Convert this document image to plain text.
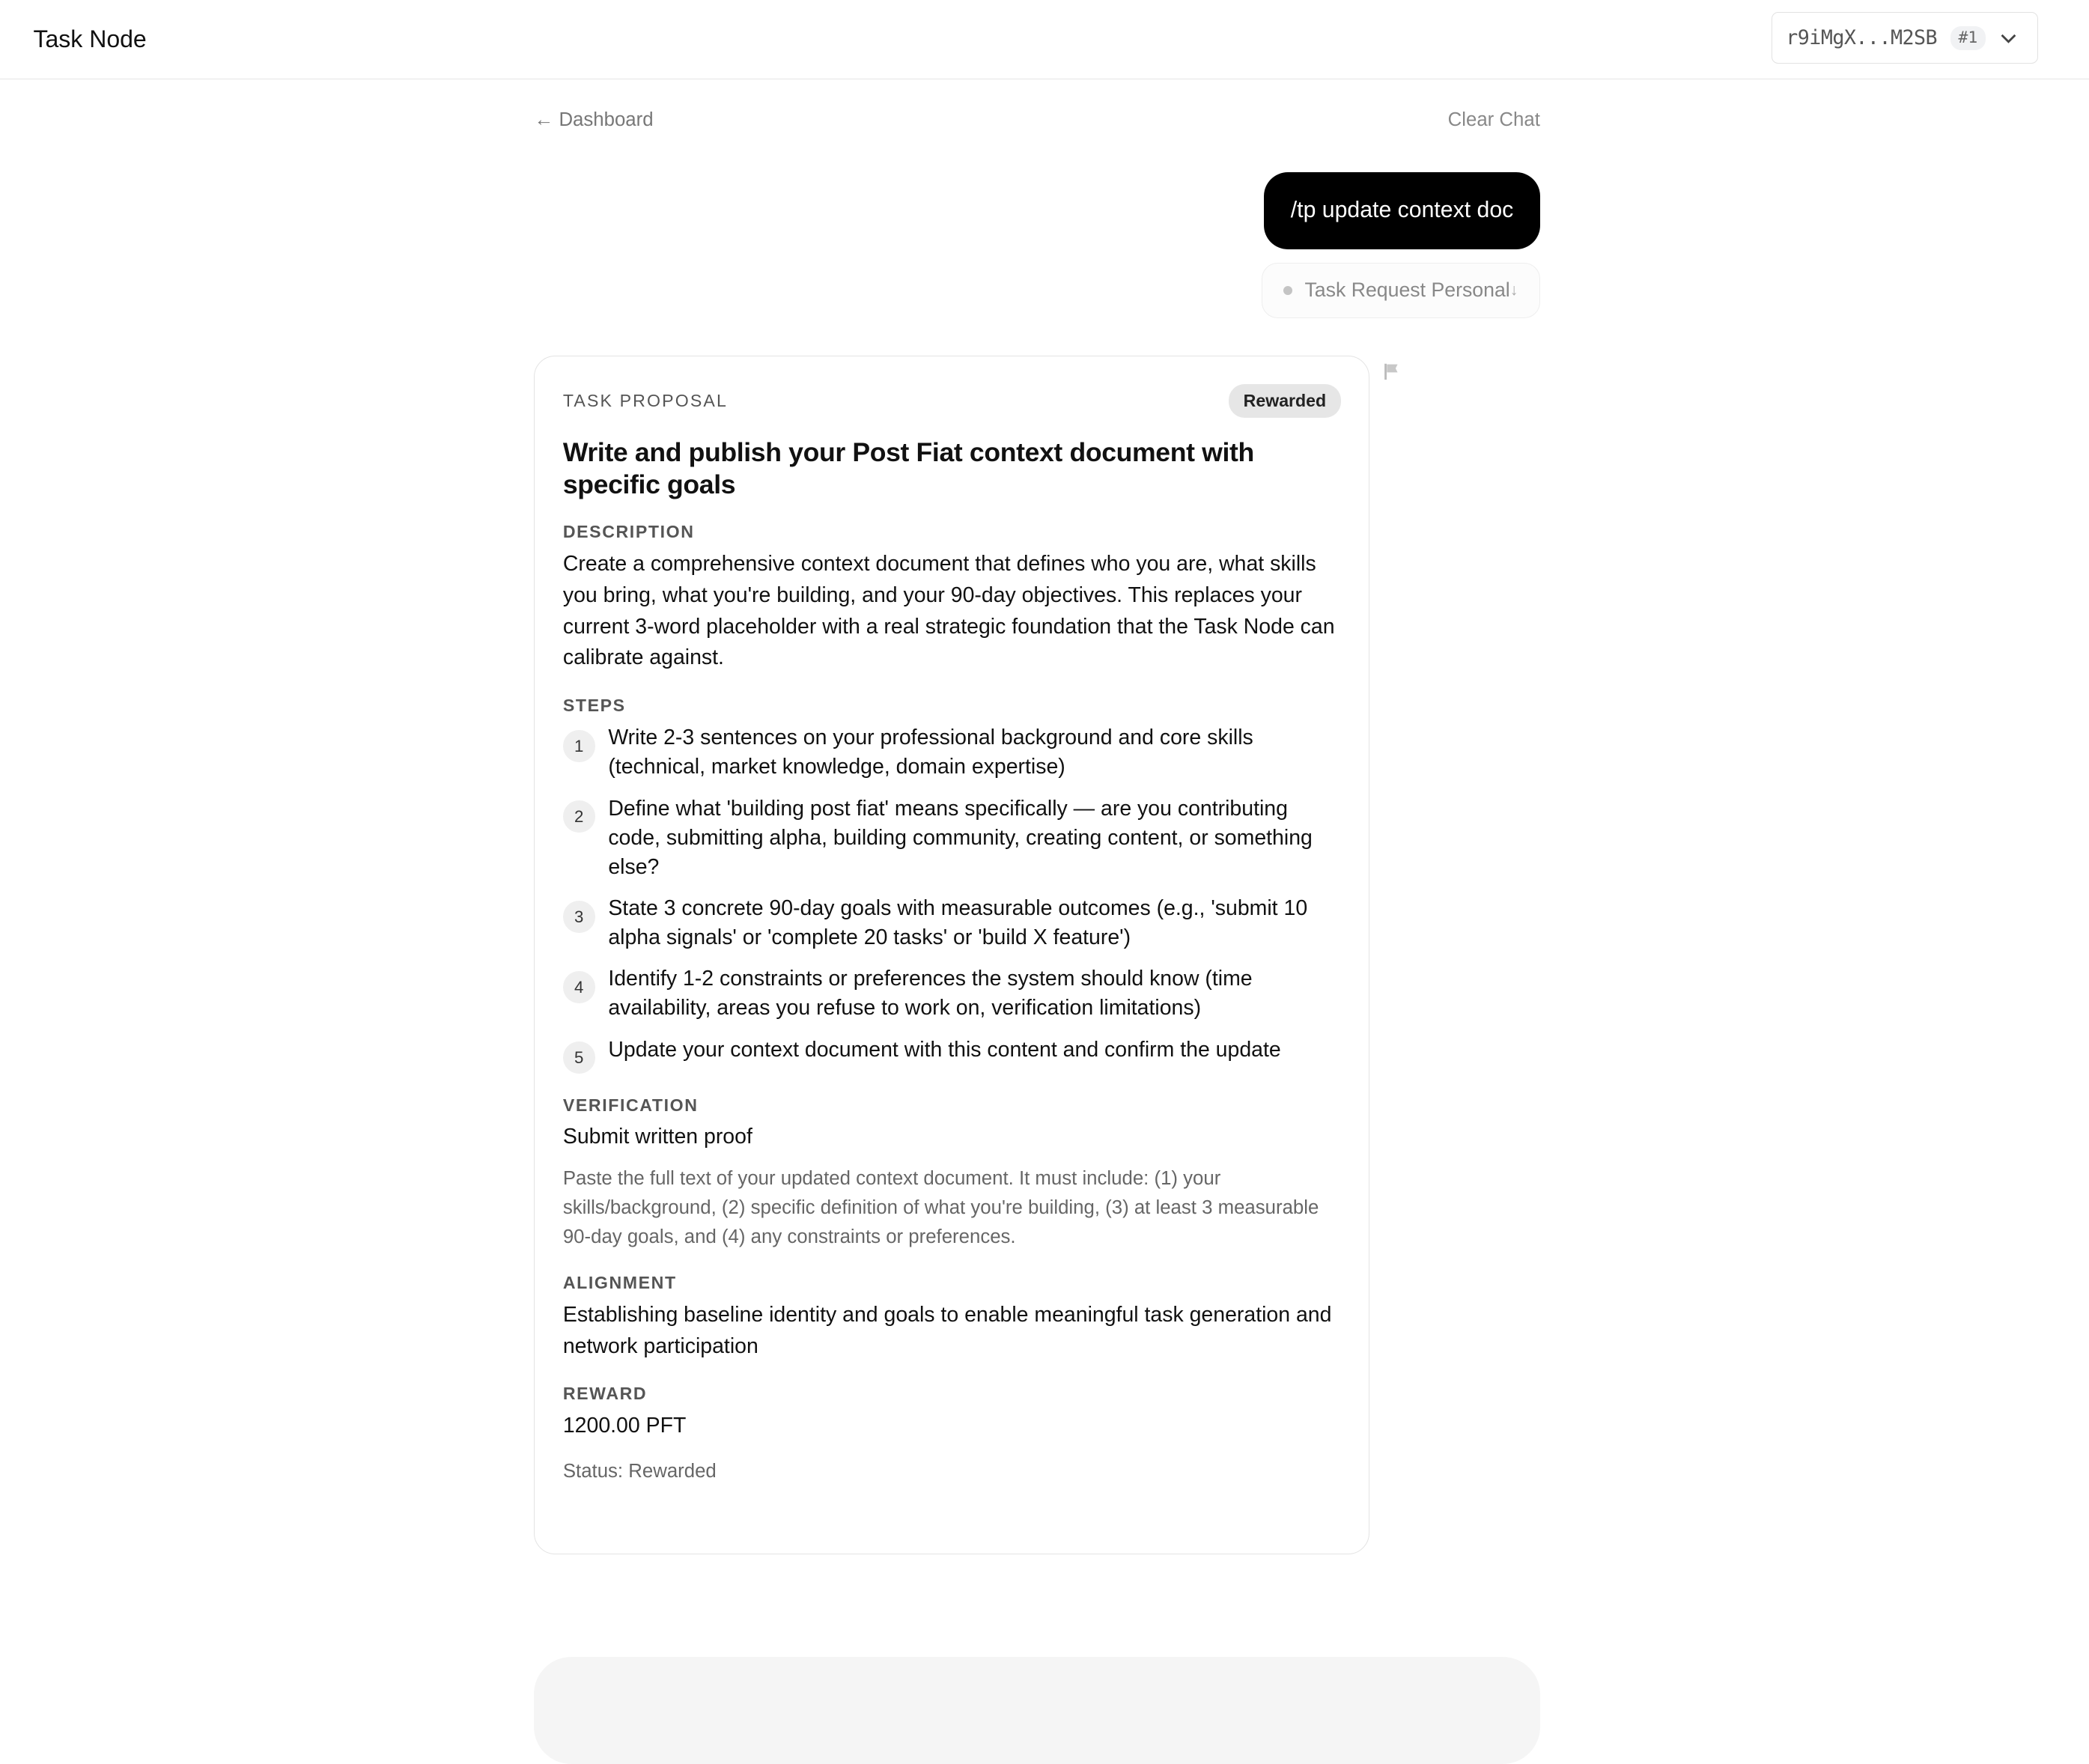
Task Node	r9iMgX...M2SB	#1
← Dashboard	Clear Chat
/tp update context doc
Task Request Personal ↓
TASK PROPOSAL	Rewarded
Write and publish your Post Fiat context document with specific goals
DESCRIPTION
Create a comprehensive context document that defines who you are, what skills you bring, what you're building, and your 90-day objectives. This replaces your current 3-word placeholder with a real strategic foundation that the Task Node can calibrate against.
STEPS
1	Write 2-3 sentences on your professional background and core skills (technical, market knowledge, domain expertise)
2	Define what 'building post fiat' means specifically — are you contributing code, submitting alpha, building community, creating content, or something else?
3	State 3 concrete 90-day goals with measurable outcomes (e.g., 'submit 10 alpha signals' or 'complete 20 tasks' or 'build X feature')
4	Identify 1-2 constraints or preferences the system should know (time availability, areas you refuse to work on, verification limitations)
5	Update your context document with this content and confirm the update
VERIFICATION
Submit written proof
Paste the full text of your updated context document. It must include: (1) your skills/background, (2) specific definition of what you're building, (3) at least 3 measurable 90-day goals, and (4) any constraints or preferences.
ALIGNMENT
Establishing baseline identity and goals to enable meaningful task generation and network participation
REWARD
1200.00 PFT
Status: Rewarded
